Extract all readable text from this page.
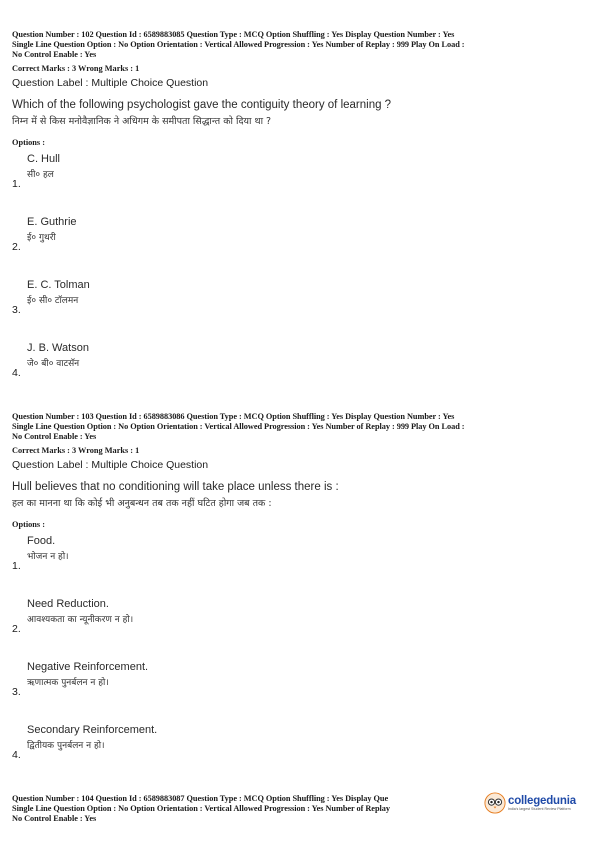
Question Number : 102 Question Id : 6589883085 Question Type : MCQ Option Shuffling : Yes Display Question Number : Yes
Single Line Question Option : No Option Orientation : Vertical Allowed Progression : Yes Number of Replay : 999 Play On Load :
No Control Enable : Yes
Correct Marks : 3 Wrong Marks : 1
Question Label : Multiple Choice Question
Which of the following psychologist gave the contiguity theory of learning ?
निम्न में से किस मनोवैज्ञानिक ने अधिगम के समीपता सिद्धान्त को दिया था ?
Options :
C. Hull
सी० हल
1.
E. Guthrie
ई० गुथरी
2.
E. C. Tolman
ई० सी० टॉलमन
3.
J. B. Watson
जे० बी० वाटसॅन
4.
Question Number : 103 Question Id : 6589883086 Question Type : MCQ Option Shuffling : Yes Display Question Number : Yes
Single Line Question Option : No Option Orientation : Vertical Allowed Progression : Yes Number of Replay : 999 Play On Load :
No Control Enable : Yes
Correct Marks : 3 Wrong Marks : 1
Question Label : Multiple Choice Question
Hull believes that no conditioning will take place unless there is :
हल का मानना था कि कोई भी अनुबन्धन तब तक नहीं घटित होगा जब तक :
Options :
Food.
भोजन न हो।
1.
Need Reduction.
आवश्यकता का न्यूनीकरण न हो।
2.
Negative Reinforcement.
ऋणात्मक पुनर्बलन न हो।
3.
Secondary Reinforcement.
द्वितीयक पुनर्बलन न हो।
4.
Question Number : 104 Question Id : 6589883087 Question Type : MCQ Option Shuffling : Yes Display Que
Single Line Question Option : No Option Orientation : Vertical Allowed Progression : Yes Number of Replay
No Control Enable : Yes
collegedunia
India's largest Student Review Platform
